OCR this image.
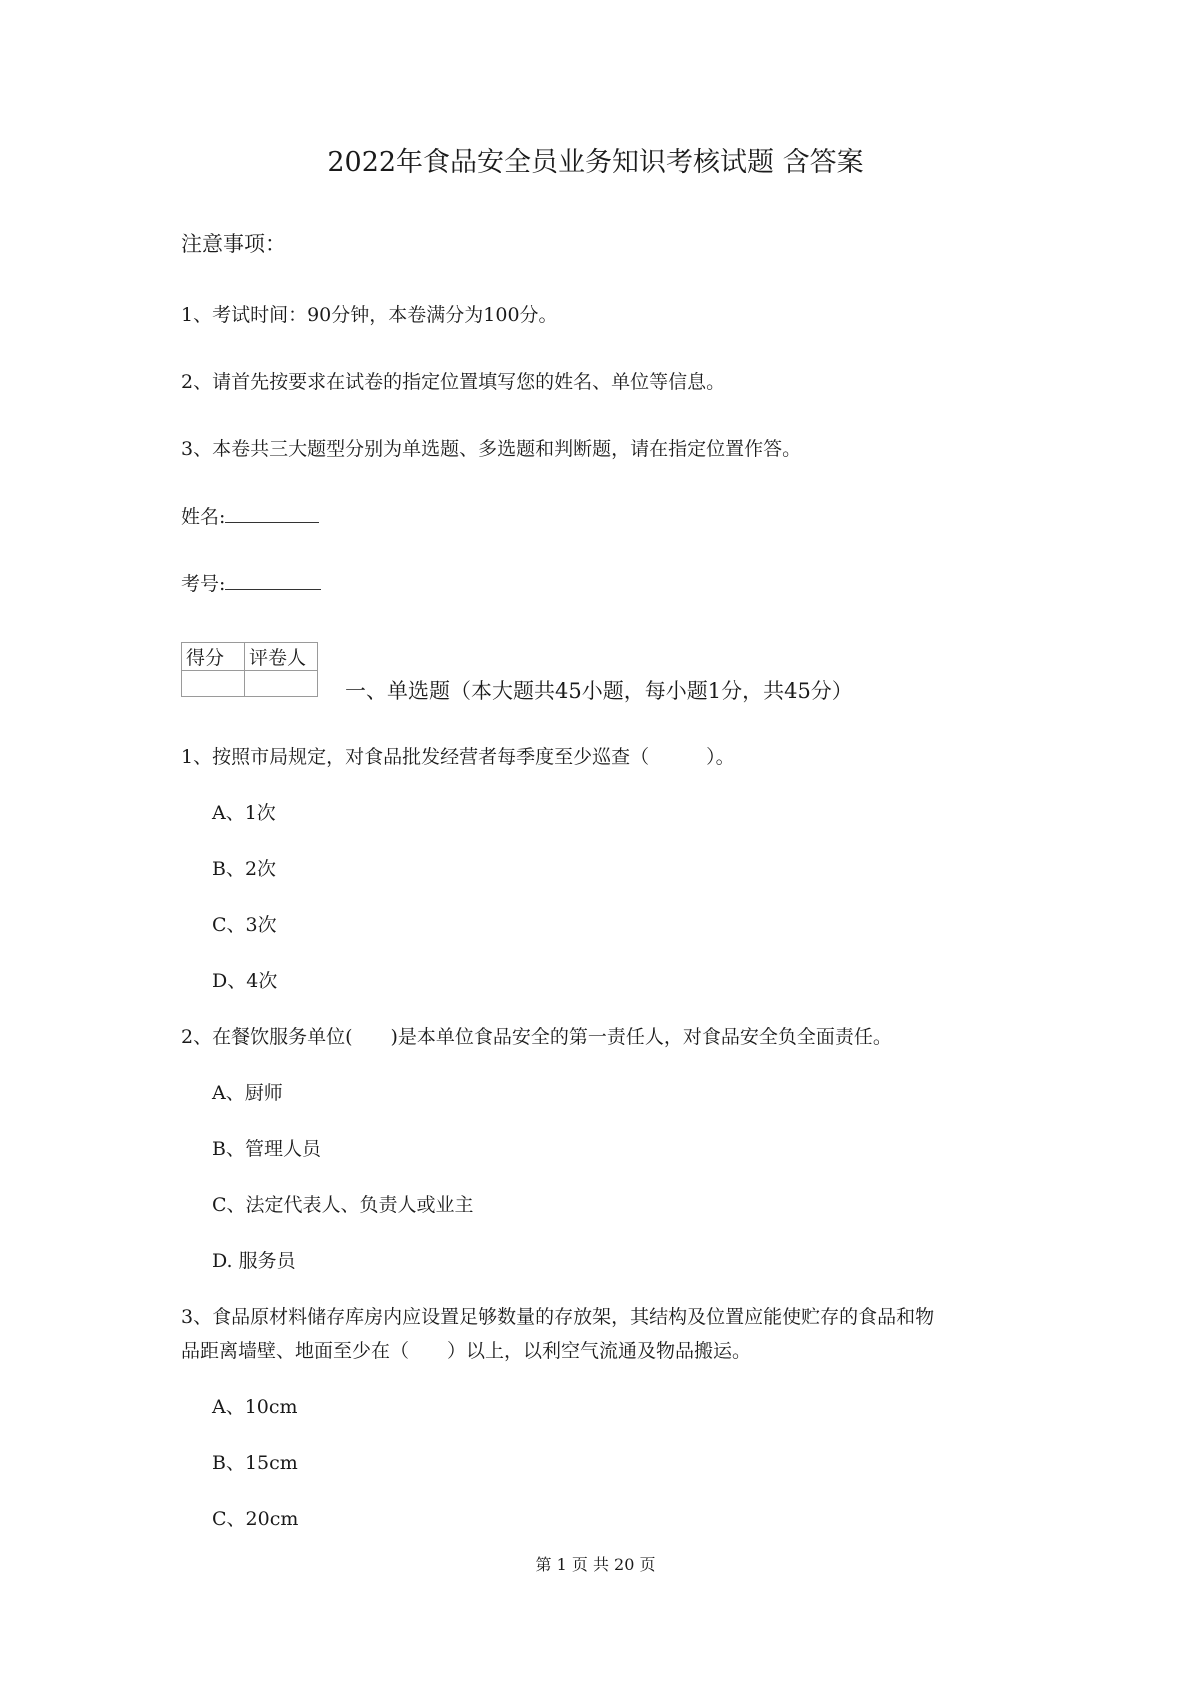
2022年食品安全员业务知识考核试题 含答案
注意事项：
1、考试时间：90分钟，本卷满分为100分。
2、请首先按要求在试卷的指定位置填写您的姓名、单位等信息。
3、本卷共三大题型分别为单选题、多选题和判断题，请在指定位置作答。
姓名:
考号:
得分	评卷人

一、单选题（本大题共45小题，每小题1分，共45分）
1、按照市局规定，对食品批发经营者每季度至少巡查（　　　）。
A、1次
B、2次
C、3次
D、4次
2、在餐饮服务单位(　　)是本单位食品安全的第一责任人，对食品安全负全面责任。
A、厨师
B、管理人员
C、法定代表人、负责人或业主
D. 服务员
3、食品原材料储存库房内应设置足够数量的存放架，其结构及位置应能使贮存的食品和物
品距离墙壁、地面至少在（　　）以上，以利空气流通及物品搬运。
A、10cm
B、15cm
C、20cm
第 1 页 共 20 页
